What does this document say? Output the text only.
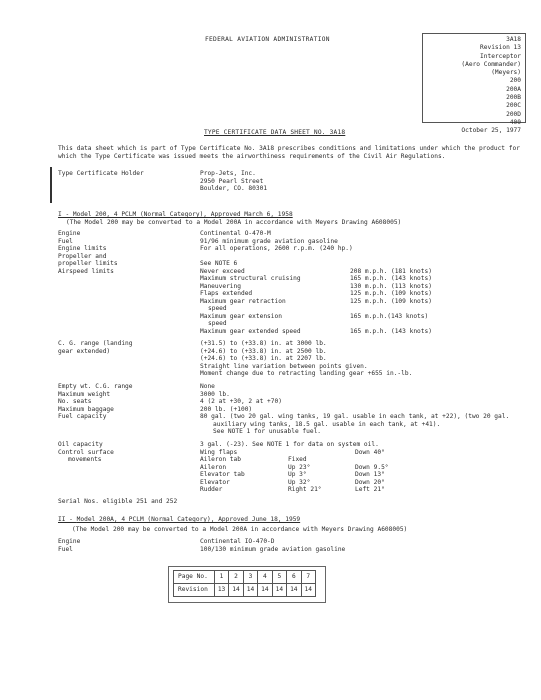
FEDERAL AVIATION ADMINISTRATION	3A18
Revision 13
Interceptor
(Aero Commander)
(Meyers)
200
200A
200B
200C
200D
400
October 25, 1977
TYPE CERTIFICATE DATA SHEET NO. 3A18
This data sheet which is part of Type Certificate No. 3A18 prescribes conditions and limitations under which the product for which the Type Certificate was issued meets the airworthiness requirements of the Civil Air Regulations.
Type Certificate Holder	Prop-Jets, Inc.
2950 Pearl Street
Boulder, CO. 80301
I - Model 200, 4 PCLM (Normal Category), Approved March 6, 1958
(The Model 200 may be converted to a Model 200A in accordance with Meyers Drawing A608005)
Engine	Continental O-470-M
Fuel	91/96 minimum grade aviation gasoline
Engine limits	For all operations, 2600 r.p.m. (240 hp.)
Propeller and
propeller limits	See NOTE 6
Airspeed limits	Never exceed	208 m.p.h. (181 knots)
Maximum structural cruising	165 m.p.h. (143 knots)
Maneuvering	130 m.p.h. (113 knots)
Flaps extended	125 m.p.h. (109 knots)
Maximum gear retraction	125 m.p.h. (109 knots)
speed
Maximum gear extension	165 m.p.h.(143 knots)
speed
Maximum gear extended speed	165 m.p.h. (143 knots)
C. G. range (landing
gear extended)
(+31.5) to (+33.8) in. at 3000 lb.
(+24.6) to (+33.8) in. at 2500 lb.
(+24.6) to (+33.8) in. at 2207 lb.
Straight line variation between points given.
Moment change due to retracting landing gear +655 in.-lb.
Empty wt. C.G. range	None
Maximum weight	3000 lb.
No. seats	4 (2 at +30, 2 at +70)
Maximum baggage	200 lb. (+100)
Fuel capacity	80 gal. (two 20 gal. wing tanks, 19 gal. usable in each tank, at +22), (two 20 gal.
auxiliary wing tanks, 18.5 gal. usable in each tank, at +41).
See NOTE 1 for unusable fuel.
Oil capacity	3 gal. (-23). See NOTE 1 for data on system oil.
Control surface
movements
Wing flaps	Down 40°
Aileron tab	Fixed
Aileron	Up 23°	Down 9.5°
Elevator tab	Up 3°	Down 13°
Elevator	Up 32°	Down 20°
Rudder	Right 21°	Left 21°
Serial Nos. eligible 251 and 252
II - Model 200A, 4 PCLM (Normal Category), Approved June 18, 1959
(The Model 200 may be converted to a Model 200A in accordance with Meyers Drawing A608005)
Engine	Continental IO-470-D
Fuel	100/130 minimum grade aviation gasoline
Page No.	1	2	3	4	5	6	7
Revision	13	14	14	14	14	14	14
